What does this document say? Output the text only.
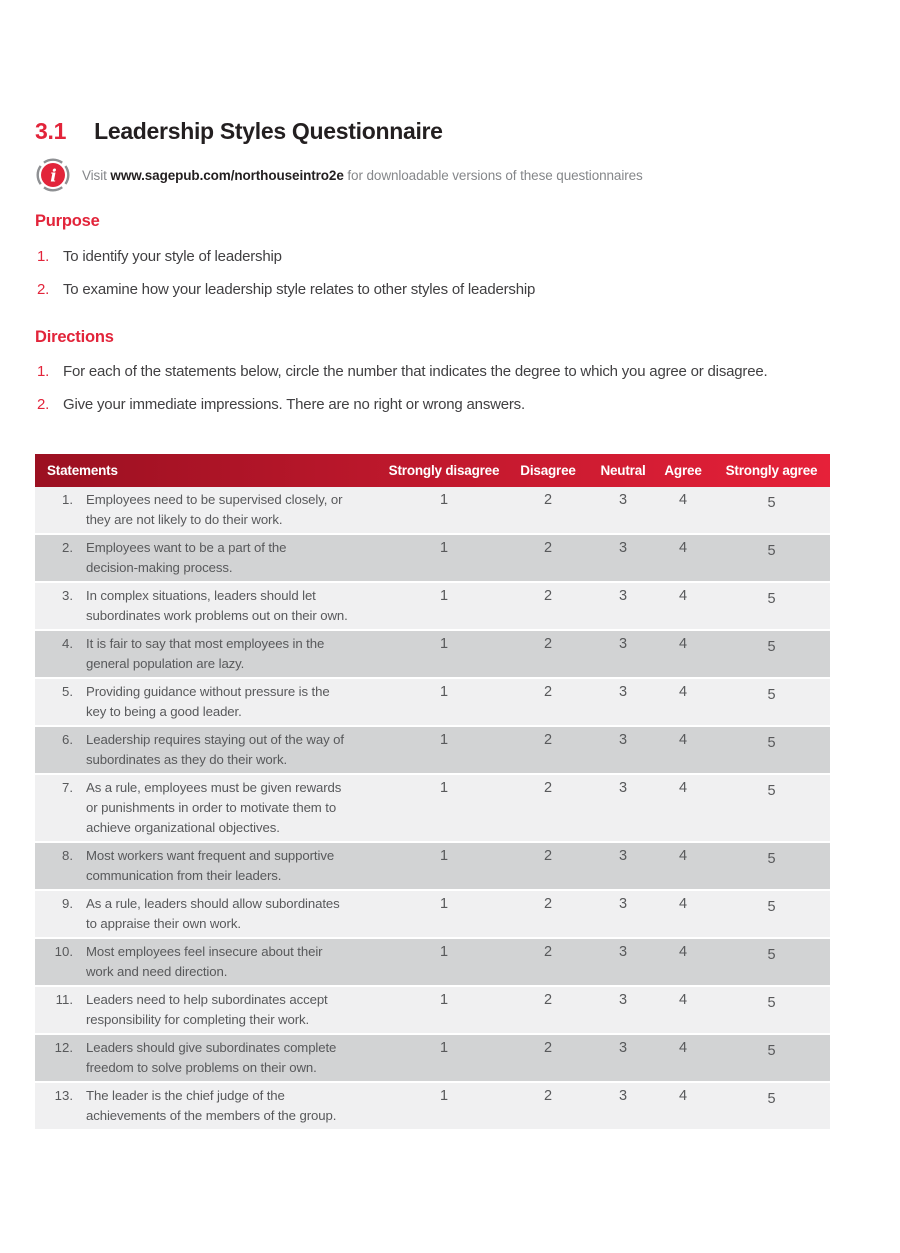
3.1 Leadership Styles Questionnaire
i Visit www.sagepub.com/northouseintro2e for downloadable versions of these questionnaires
Purpose
1. To identify your style of leadership
2. To examine how your leadership style relates to other styles of leadership
Directions
1. For each of the statements below, circle the number that indicates the degree to which you agree or disagree.
2. Give your immediate impressions. There are no right or wrong answers.
Statements	Strongly disagree	Disagree	Neutral	Agree	Strongly agree
1. Employees need to be supervised closely, or
they are not likely to do their work.
1	2	3	4	5
2. Employees want to be a part of the
decision-making process.
1	2	3	4	5
3. In complex situations, leaders should let
subordinates work problems out on their own.
1	2	3	4	5
4. It is fair to say that most employees in the
general population are lazy.
1	2	3	4	5
5. Providing guidance without pressure is the
key to being a good leader.
1	2	3	4	5
6. Leadership requires staying out of the way of
subordinates as they do their work.
1	2	3	4	5
7. As a rule, employees must be given rewards
or punishments in order to motivate them to
achieve organizational objectives.
1	2	3	4	5
8. Most workers want frequent and supportive
communication from their leaders.
1	2	3	4	5
9. As a rule, leaders should allow subordinates
to appraise their own work.
1	2	3	4	5
10. Most employees feel insecure about their
work and need direction.
1	2	3	4	5
11. Leaders need to help subordinates accept
responsibility for completing their work.
1	2	3	4	5
12. Leaders should give subordinates complete
freedom to solve problems on their own.
1	2	3	4	5
13. The leader is the chief judge of the
achievements of the members of the group.
1	2	3	4	5
